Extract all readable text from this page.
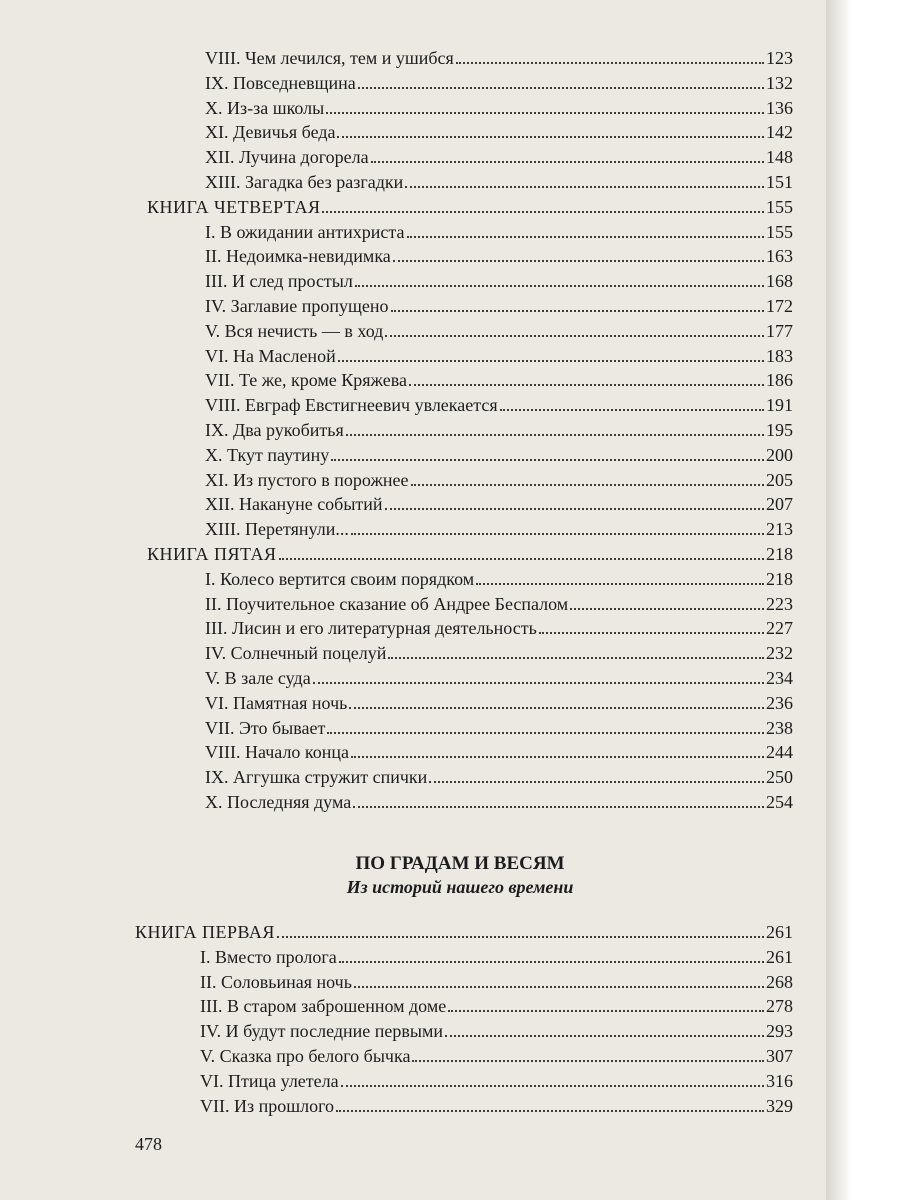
ПО ГРАДАМ И ВЕСЯМ
Из историй нашего времени
VIII. Чем лечился, тем и ушибся	123
IX. Повседневщина	132
X. Из-за школы	136
XI. Девичья беда	142
XII. Лучина догорела	148
XIII. Загадка без разгадки	151
КНИГА ЧЕТВЕРТАЯ	155
I. В ожидании антихриста	155
II. Недоимка-невидимка	163
III. И след простыл	168
IV. Заглавие пропущено	172
V. Вся нечисть — в ход	177
VI. На Масленой	183
VII. Те же, кроме Кряжева	186
VIII. Евграф Евстигнеевич увлекается	191
IX. Два рукобитья	195
X. Ткут паутину	200
XI. Из пустого в порожнее	205
XII. Накануне событий	207
XIII. Перетянули...	213
КНИГА ПЯТАЯ	218
I. Колесо вертится своим порядком	218
II. Поучительное сказание об Андрее Беспалом	223
III. Лисин и его литературная деятельность	227
IV. Солнечный поцелуй	232
V. В зале суда	234
VI. Памятная ночь	236
VII. Это бывает	238
VIII. Начало конца	244
IX. Аггушка стружит спички	250
X. Последняя дума	254
КНИГА ПЕРВАЯ	261
I. Вместо пролога	261
II. Соловьиная ночь	268
III. В старом заброшенном доме	278
IV. И будут последние первыми	293
V. Сказка про белого бычка	307
VI. Птица улетела	316
VII. Из прошлого	329
478
